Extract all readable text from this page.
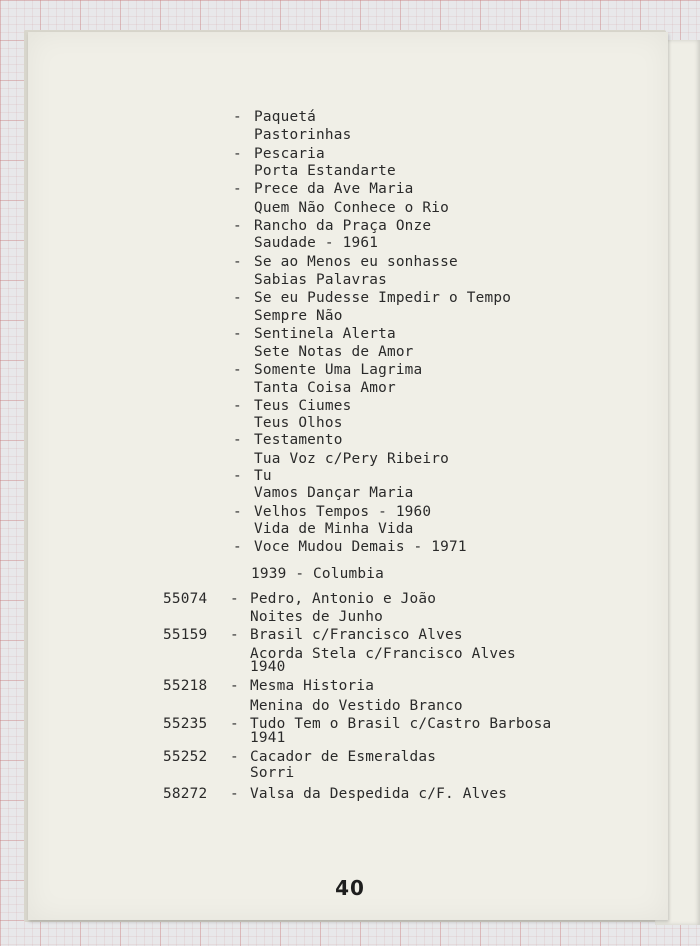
- Paquetá
Pastorinhas
- Pescaria
Porta Estandarte
- Prece da Ave Maria
Quem Não Conhece o Rio
- Rancho da Praça Onze
Saudade - 1961
- Se ao Menos eu sonhasse
Sabias Palavras
- Se eu Pudesse Impedir o Tempo
Sempre Não
- Sentinela Alerta
Sete Notas de Amor
- Somente Uma Lagrima
Tanta Coisa Amor
- Teus Ciumes
Teus Olhos
- Testamento
Tua Voz c/Pery Ribeiro
- Tu
Vamos Dançar Maria
- Velhos Tempos - 1960
Vida de Minha Vida
- Voce Mudou Demais - 1971
1939 - Columbia
55074 - Pedro, Antonio e João
Noites de Junho
55159 - Brasil c/Francisco Alves
Acorda Stela c/Francisco Alves
1940
55218 - Mesma Historia
Menina do Vestido Branco
55235 - Tudo Tem o Brasil c/Castro Barbosa
1941
55252 - Cacador de Esmeraldas
Sorri
58272 - Valsa da Despedida c/F. Alves
40
